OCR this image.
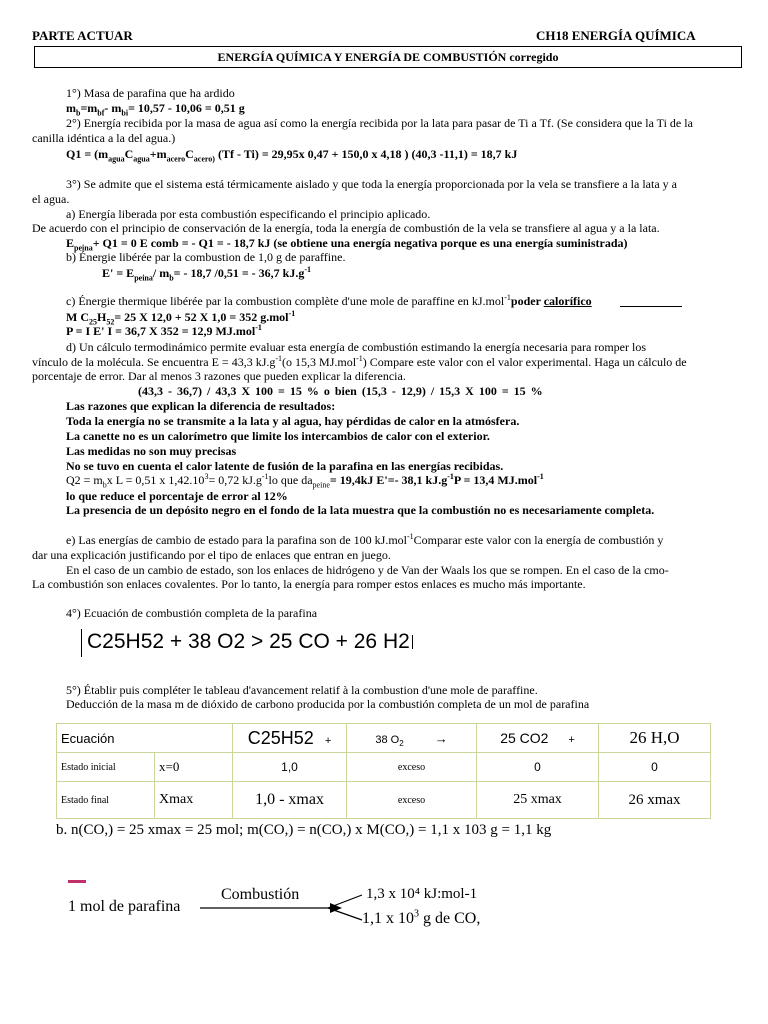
PARTE ACTUAR	CH18 ENERGÍA QUÍMICA
ENERGÍA QUÍMICA Y ENERGÍA DE COMBUSTIÓN corregido
1°) Masa de parafina que ha ardido
$m_b=m_{bf}-$ $m_{bi}= 10,57 - 10,06 = 0,51$ g
2°) Energía recibida por la masa de agua así como la energía recibida por la lata para pasar de Ti a Tf. (Se considera que la Ti de la
canilla idéntica a la del agua.)
$Q1 = (m_{agua}C_{agua}+m_{acero}C_{acero)}$ (Tf - Ti) = 29,95x 0,47 + 150,0 x 4,18 ) (40,3 -11,1) = 18,7 kJ
3°) Se admite que el sistema está térmicamente aislado y que toda la energía proporcionada por la vela se transfiere a la lata y a
el agua.
a) Energía liberada por esta combustión especificando el principio aplicado.
De acuerdo con el principio de conservación de la energía, toda la energía de combustión de la vela se transfiere al agua y a la lata.
$E_{peina}+ Q1 = 0$ E comb = - Q1 = - 18,7 kJ (se obtiene una energía negativa porque es una energía suministrada)
b) Énergie libérée par la combustion de 1,0 g de paraffine.
$E' = E_{peina}/$ $m_b= - 18,7$ /0,51 = - 36,7 $kJ.g^{-1}$
c) Énergie thermique libérée par la combustion complète d'une mole de paraffine en kJ.mol$^{-1}$poder calorífico
M $C_{25}H_{52}= 25$ X 12,0 + 52 X 1,0 = 352 g.mol$^{-1}$
P = I E' I = 36,7 X 352 = 12,9 MJ.mol$^{-1}$
d) Un cálculo termodinámico permite evaluar esta energía de combustión estimando la energía necesaria para romper los
vínculo de la molécula. Se encuentra E = 43,3 $kJ.g^{-1}(o$ 15,3 MJ.mol$^{-1}$) Compare este valor con el valor experimental. Haga un cálculo de
porcentaje de error. Dar al menos 3 razones que pueden explicar la diferencia.
(43,3 - 36,7) / 43,3 X 100 = 15 % o bien (15,3 - 12,9) / 15,3 X 100 = 15 %
Las razones que explican la diferencia de resultados:
Toda la energía no se transmite a la lata y al agua, hay pérdidas de calor en la atmósfera.
La canette no es un calorímetro que limite los intercambios de calor con el exterior.
Las medidas no son muy precisas
No se tuvo en cuenta el calor latente de fusión de la parafina en las energías recibidas.
$Q2 = m_bx$ L = 0,51 x $1,42.10^3= 0,72$ $kJ.g^{-1}lo$ que $da_{peine}= 19,4kJ$ E'=- 38,1 $kJ.g^{-1}P = 13,4$ MJ.mol$^{-1}$
lo que reduce el porcentaje de error al 12%
La presencia de un depósito negro en el fondo de la lata muestra que la combustión no es necesariamente completa.
e) Las energías de cambio de estado para la parafina son de 100 kJ.mol$^{-1}$Comparar este valor con la energía de combustión y
dar una explicación justificando por el tipo de enlaces que entran en juego.
En el caso de un cambio de estado, son los enlaces de hidrógeno y de Van der Waals los que se rompen. En el caso de la cmo-
La combustión son enlaces covalentes. Por lo tanto, la energía para romper estos enlaces es mucho más importante.
4°) Ecuación de combustión completa de la parafina
C25H52 + 38 O2 > 25 CO + 26 H2
5°) Établir puis compléter le tableau d'avancement relatif à la combustion d'une mole de paraffine.
Deducción de la masa m de dióxido de carbono producida por la combustión completa de un mol de parafina
Ecuación		C25H52 +	38 $O_2$ →	25 CO2 +	26 H,O
Estado inicial	x=0	1,0	exceso	0	0
Estado final	Xmax	1,0 - xmax	exceso	25 xmax	26 xmax
b. n(CO,) = 25 xmax = 25 mol; m(CO,) = n(CO,) x M(CO,) = 1,1 x 103 g = 1,1 kg
1 mol de parafina
Combustión	1,3 x 10⁴ kJ:mol-1
1,1 x $10^3$ g de CO,
